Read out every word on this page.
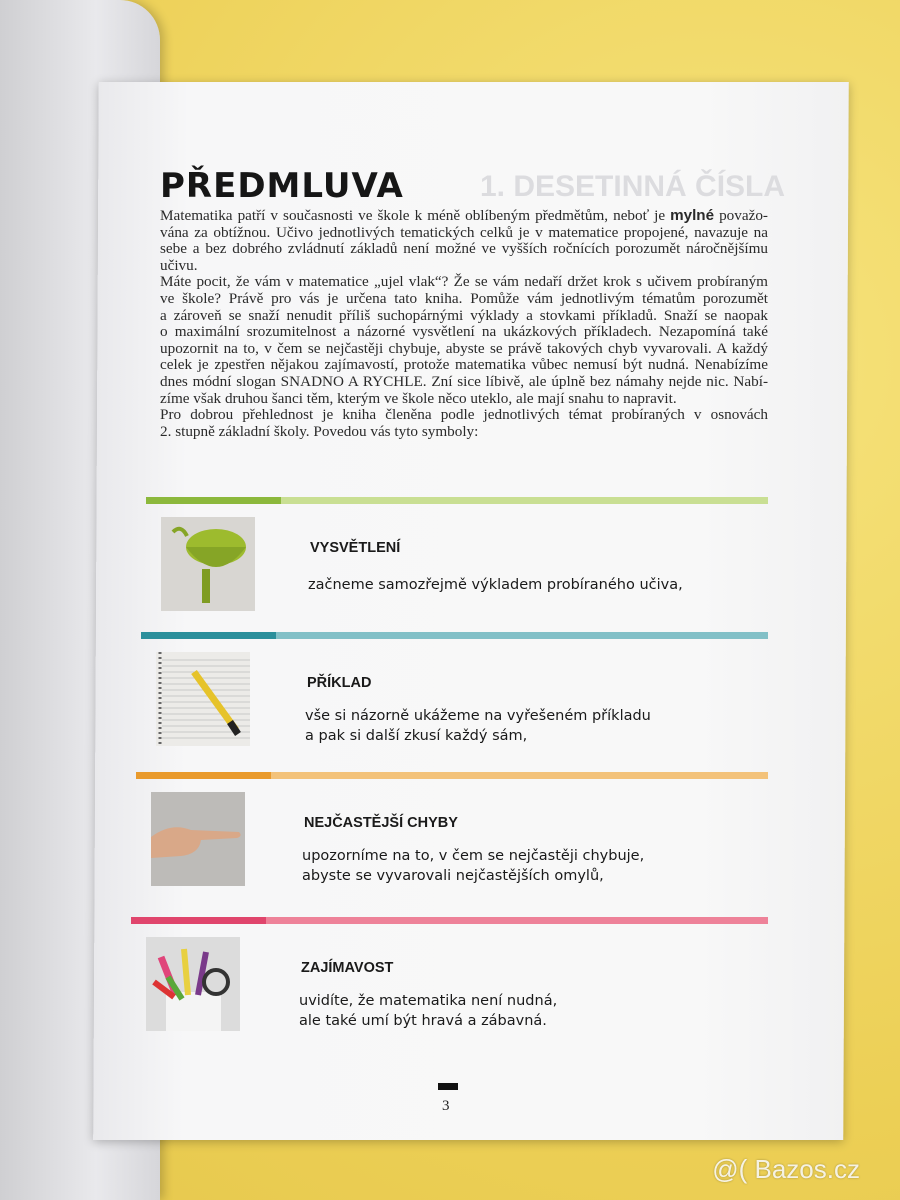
1. DESETINNÁ ČÍSLA
PŘEDMLUVA
Matematika patří v současnosti ve škole k méně oblíbeným předmětům, neboť je mylné považo-
vána za obtížnou. Učivo jednotlivých tematických celků je v matematice propojené, navazuje na
sebe a bez dobrého zvládnutí základů není možné ve vyšších ročnících porozumět náročnějšímu
učivu.
Máte pocit, že vám v matematice „ujel vlak“? Že se vám nedaří držet krok s učivem probíraným
ve škole? Právě pro vás je určena tato kniha. Pomůže vám jednotlivým tématům porozumět
a zároveň se snaží nenudit příliš suchopárnými výklady a stovkami příkladů. Snaží se naopak
o maximální srozumitelnost a názorné vysvětlení na ukázkových příkladech. Nezapomíná také
upozornit na to, v čem se nejčastěji chybuje, abyste se právě takových chyb vyvarovali. A každý
celek je zpestřen nějakou zajímavostí, protože matematika vůbec nemusí být nudná. Nenabízíme
dnes módní slogan SNADNO A RYCHLE. Zní sice líbivě, ale úplně bez námahy nejde nic. Nabí-
zíme však druhou šanci těm, kterým ve škole něco uteklo, ale mají snahu to napravit.
Pro dobrou přehlednost je kniha členěna podle jednotlivých témat probíraných v osnovách
2. stupně základní školy. Povedou vás tyto symboly:
VYSVĚTLENÍ
začneme samozřejmě výkladem probíraného učiva,
PŘÍKLAD
vše si názorně ukážeme na vyřešeném příkladu
a pak si další zkusí každý sám,
NEJČASTĚJŠÍ CHYBY
upozorníme na to, v čem se nejčastěji chybuje,
abyste se vyvarovali nejčastějších omylů,
ZAJÍMAVOST
uvidíte, že matematika není nudná,
ale také umí být hravá a zábavná.
3
@( Bazos.cz
